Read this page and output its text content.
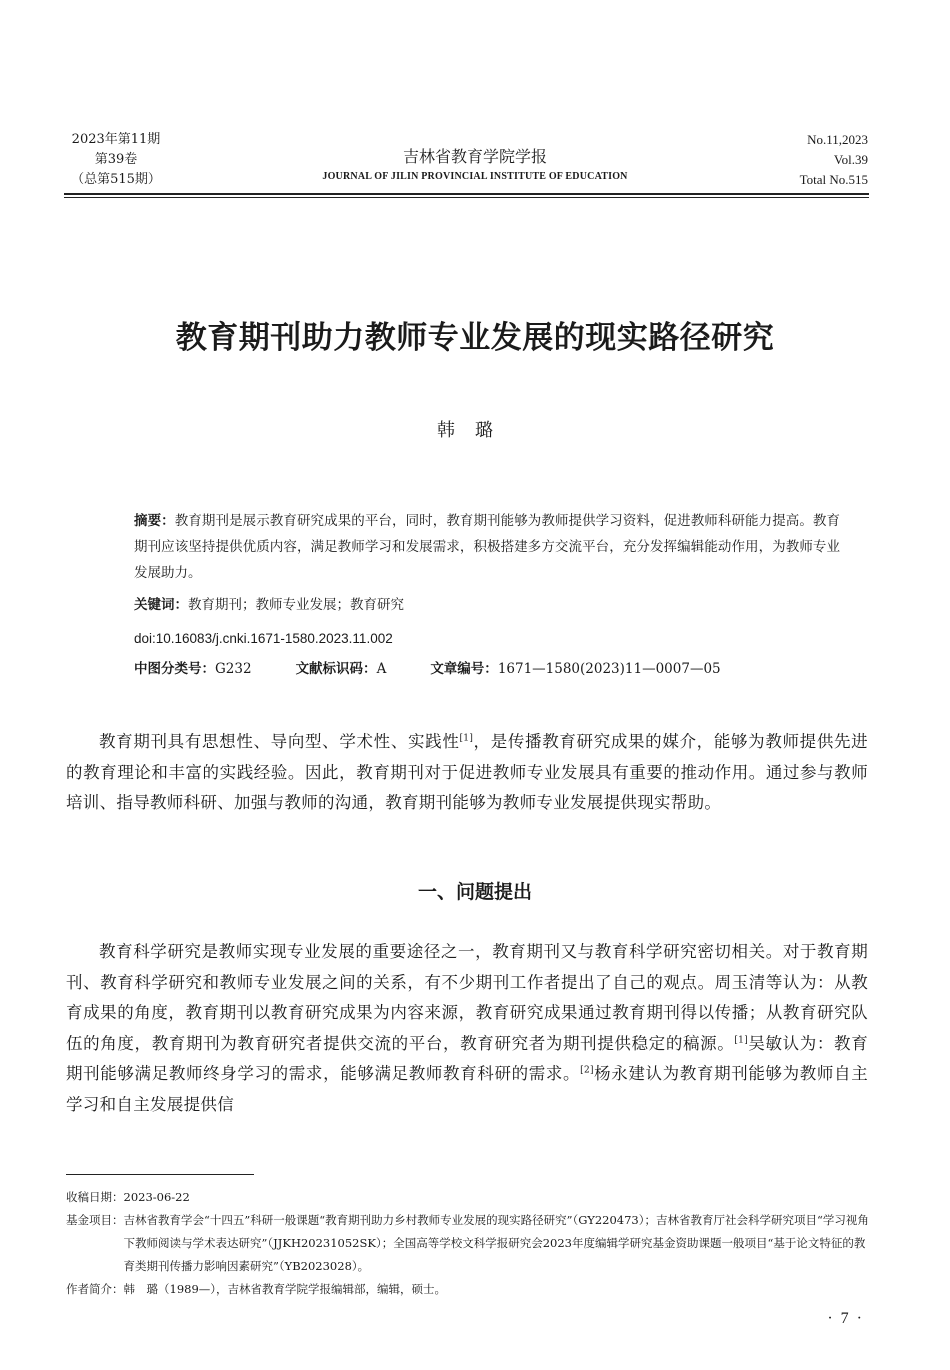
2023年第11期
第39卷
（总第515期）
吉林省教育学院学报
JOURNAL OF JILIN PROVINCIAL INSTITUTE OF EDUCATION
No.11,2023
Vol.39
Total No.515
教育期刊助力教师专业发展的现实路径研究
韩璐
摘要：教育期刊是展示教育研究成果的平台，同时，教育期刊能够为教师提供学习资料，促进教师科研能力提高。教育期刊应该坚持提供优质内容，满足教师学习和发展需求，积极搭建多方交流平台，充分发挥编辑能动作用，为教师专业发展助力。
关键词：教育期刊；教师专业发展；教育研究
doi:10.16083/j.cnki.1671-1580.2023.11.002
中图分类号：G232	文献标识码：A	文章编号：1671—1580(2023)11—0007—05
教育期刊具有思想性、导向型、学术性、实践性[1]，是传播教育研究成果的媒介，能够为教师提供先进的教育理论和丰富的实践经验。因此，教育期刊对于促进教师专业发展具有重要的推动作用。通过参与教师培训、指导教师科研、加强与教师的沟通，教育期刊能够为教师专业发展提供现实帮助。
一、问题提出
教育科学研究是教师实现专业发展的重要途径之一，教育期刊又与教育科学研究密切相关。对于教育期刊、教育科学研究和教师专业发展之间的关系，有不少期刊工作者提出了自己的观点。周玉清等认为：从教育成果的角度，教育期刊以教育研究成果为内容来源，教育研究成果通过教育期刊得以传播；从教育研究队伍的角度，教育期刊为教育研究者提供交流的平台，教育研究者为期刊提供稳定的稿源。[1]吴敏认为：教育期刊能够满足教师终身学习的需求，能够满足教师教育科研的需求。[2]杨永建认为教育期刊能够为教师自主学习和自主发展提供信
收稿日期： 2023-06-22
基金项目： 吉林省教育学会“十四五”科研一般课题“教育期刊助力乡村教师专业发展的现实路径研究”（GY220473）；吉林省教育厅社会科学研究项目“学习视角下教师阅读与学术表达研究”（JJKH20231052SK）；全国高等学校文科学报研究会2023年度编辑学研究基金资助课题一般项目“基于论文特征的教育类期刊传播力影响因素研究”（YB2023028）。
作者简介： 韩　璐（1989—），吉林省教育学院学报编辑部，编辑，硕士。
·7·
